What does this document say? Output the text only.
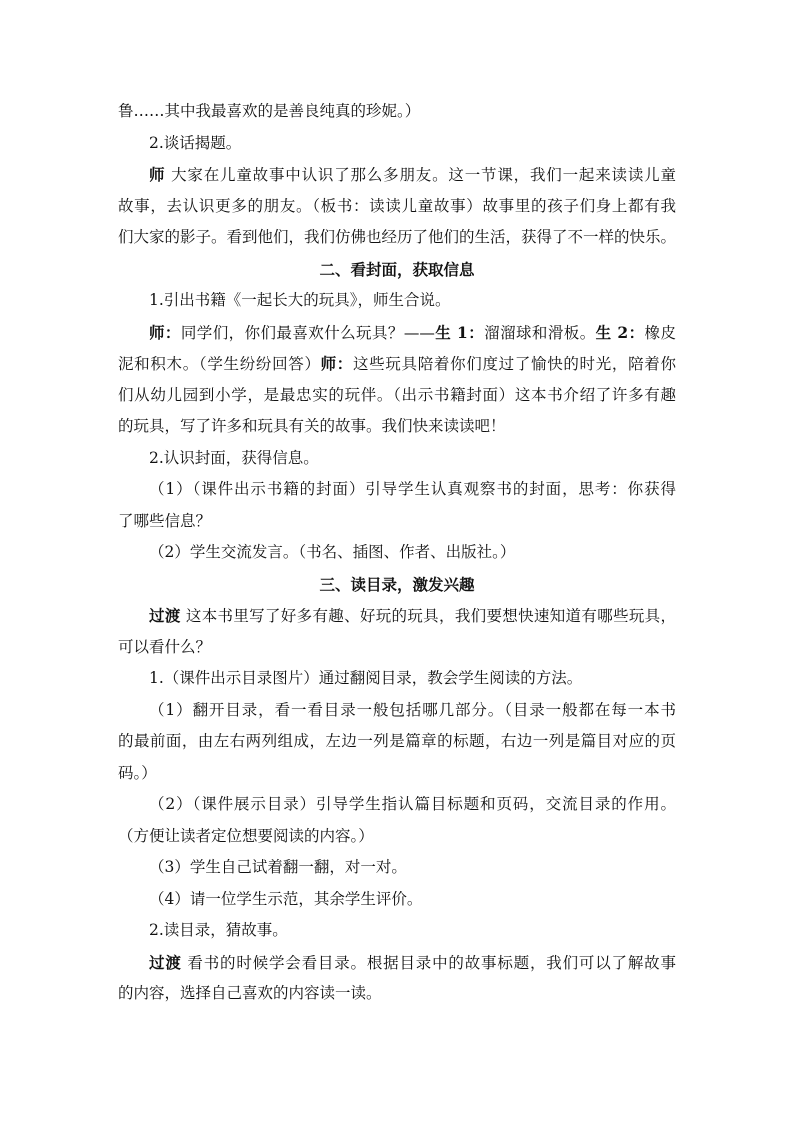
鲁……其中我最喜欢的是善良纯真的珍妮。）
2.谈话揭题。
师 大家在儿童故事中认识了那么多朋友。这一节课，我们一起来读读儿童
故事，去认识更多的朋友。（板书：读读儿童故事）故事里的孩子们身上都有我
们大家的影子。看到他们，我们仿佛也经历了他们的生活，获得了不一样的快乐。
二、看封面，获取信息
1.引出书籍《一起长大的玩具》，师生合说。
师：同学们，你们最喜欢什么玩具？——生 1：溜溜球和滑板。生 2：橡皮
泥和积木。（学生纷纷回答）师：这些玩具陪着你们度过了愉快的时光，陪着你
们从幼儿园到小学，是最忠实的玩伴。（出示书籍封面）这本书介绍了许多有趣
的玩具，写了许多和玩具有关的故事。我们快来读读吧！
2.认识封面，获得信息。
（1）（课件出示书籍的封面）引导学生认真观察书的封面，思考：你获得
了哪些信息？
（2）学生交流发言。（书名、插图、作者、出版社。）
三、读目录，激发兴趣
过渡 这本书里写了好多有趣、好玩的玩具，我们要想快速知道有哪些玩具，
可以看什么？
1.（课件出示目录图片）通过翻阅目录，教会学生阅读的方法。
（1）翻开目录，看一看目录一般包括哪几部分。（目录一般都在每一本书
的最前面，由左右两列组成，左边一列是篇章的标题，右边一列是篇目对应的页
码。）
（2）（课件展示目录）引导学生指认篇目标题和页码，交流目录的作用。
（方便让读者定位想要阅读的内容。）
（3）学生自己试着翻一翻，对一对。
（4）请一位学生示范，其余学生评价。
2.读目录，猜故事。
过渡 看书的时候学会看目录。根据目录中的故事标题，我们可以了解故事
的内容，选择自己喜欢的内容读一读。
